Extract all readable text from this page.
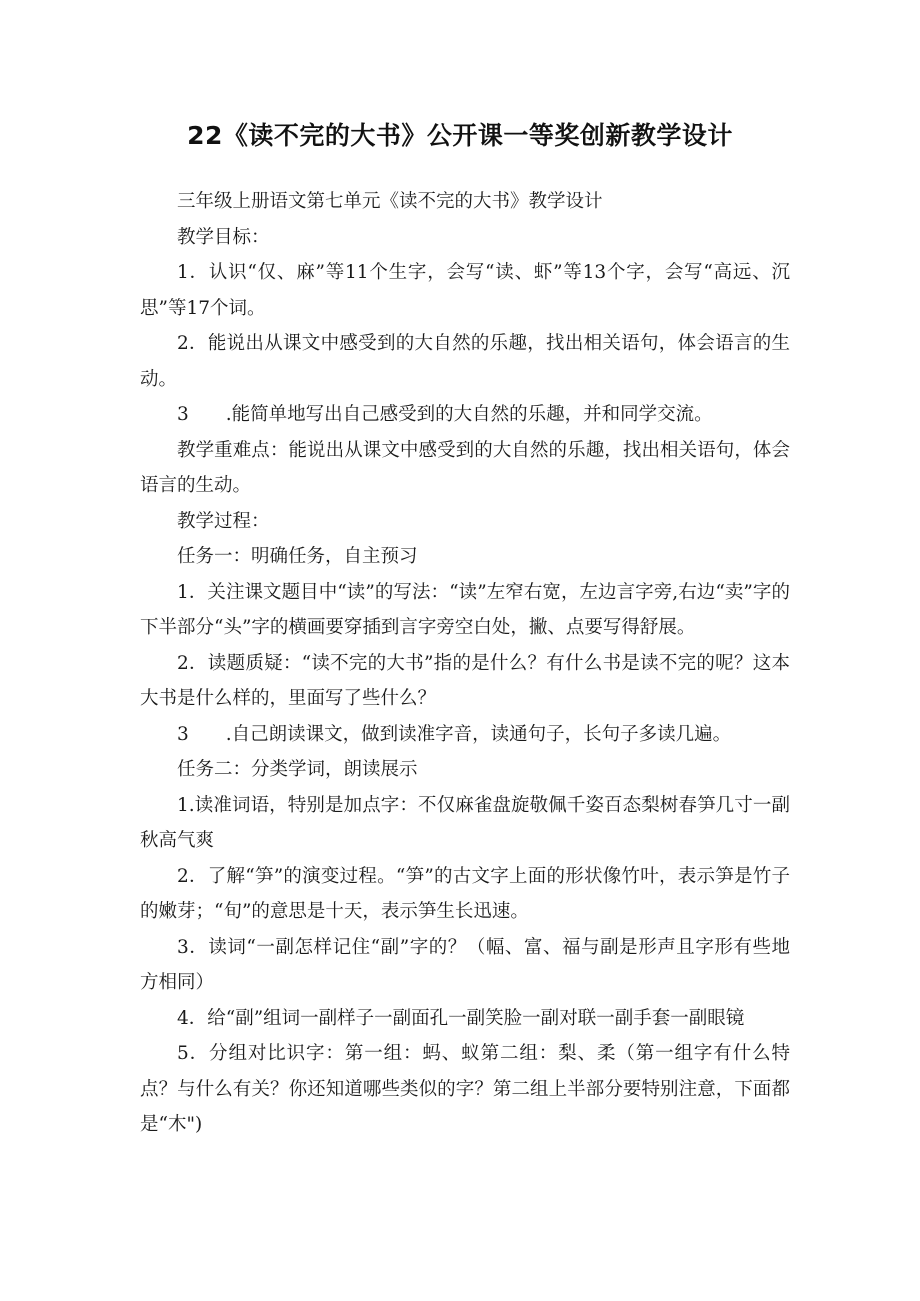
22《读不完的大书》公开课一等奖创新教学设计

三年级上册语文第七单元《读不完的大书》教学设计

教学目标：

1．认识“仅、麻”等11个生字，会写“读、虾”等13个字，会写“高远、沉思”等17个词。

2．能说出从课文中感受到的大自然的乐趣，找出相关语句，体会语言的生动。

3　　.能简单地写出自己感受到的大自然的乐趣，并和同学交流。

教学重难点：能说出从课文中感受到的大自然的乐趣，找出相关语句，体会语言的生动。

教学过程：

任务一：明确任务，自主预习

1．关注课文题目中“读”的写法：“读”左窄右宽，左边言字旁,右边“卖”字的下半部分“头”字的横画要穿插到言字旁空白处，撇、点要写得舒展。

2．读题质疑：“读不完的大书”指的是什么？有什么书是读不完的呢？这本大书是什么样的，里面写了些什么？

3　　.自己朗读课文，做到读准字音，读通句子，长句子多读几遍。

任务二：分类学词，朗读展示

1.读准词语，特别是加点字：不仅麻雀盘旋敬佩千姿百态梨树春笋几寸一副秋高气爽

2．了解“笋”的演变过程。“笋”的古文字上面的形状像竹叶，表示笋是竹子的嫩芽；“旬”的意思是十天，表示笋生长迅速。

3．读词“一副怎样记住“副”字的？（幅、富、福与副是形声且字形有些地方相同）

4．给“副”组词一副样子一副面孔一副笑脸一副对联一副手套一副眼镜

5．分组对比识字：第一组：蚂、蚁第二组：梨、柔（第一组字有什么特点？与什么有关？你还知道哪些类似的字？第二组上半部分要特别注意，下面都是“木")
